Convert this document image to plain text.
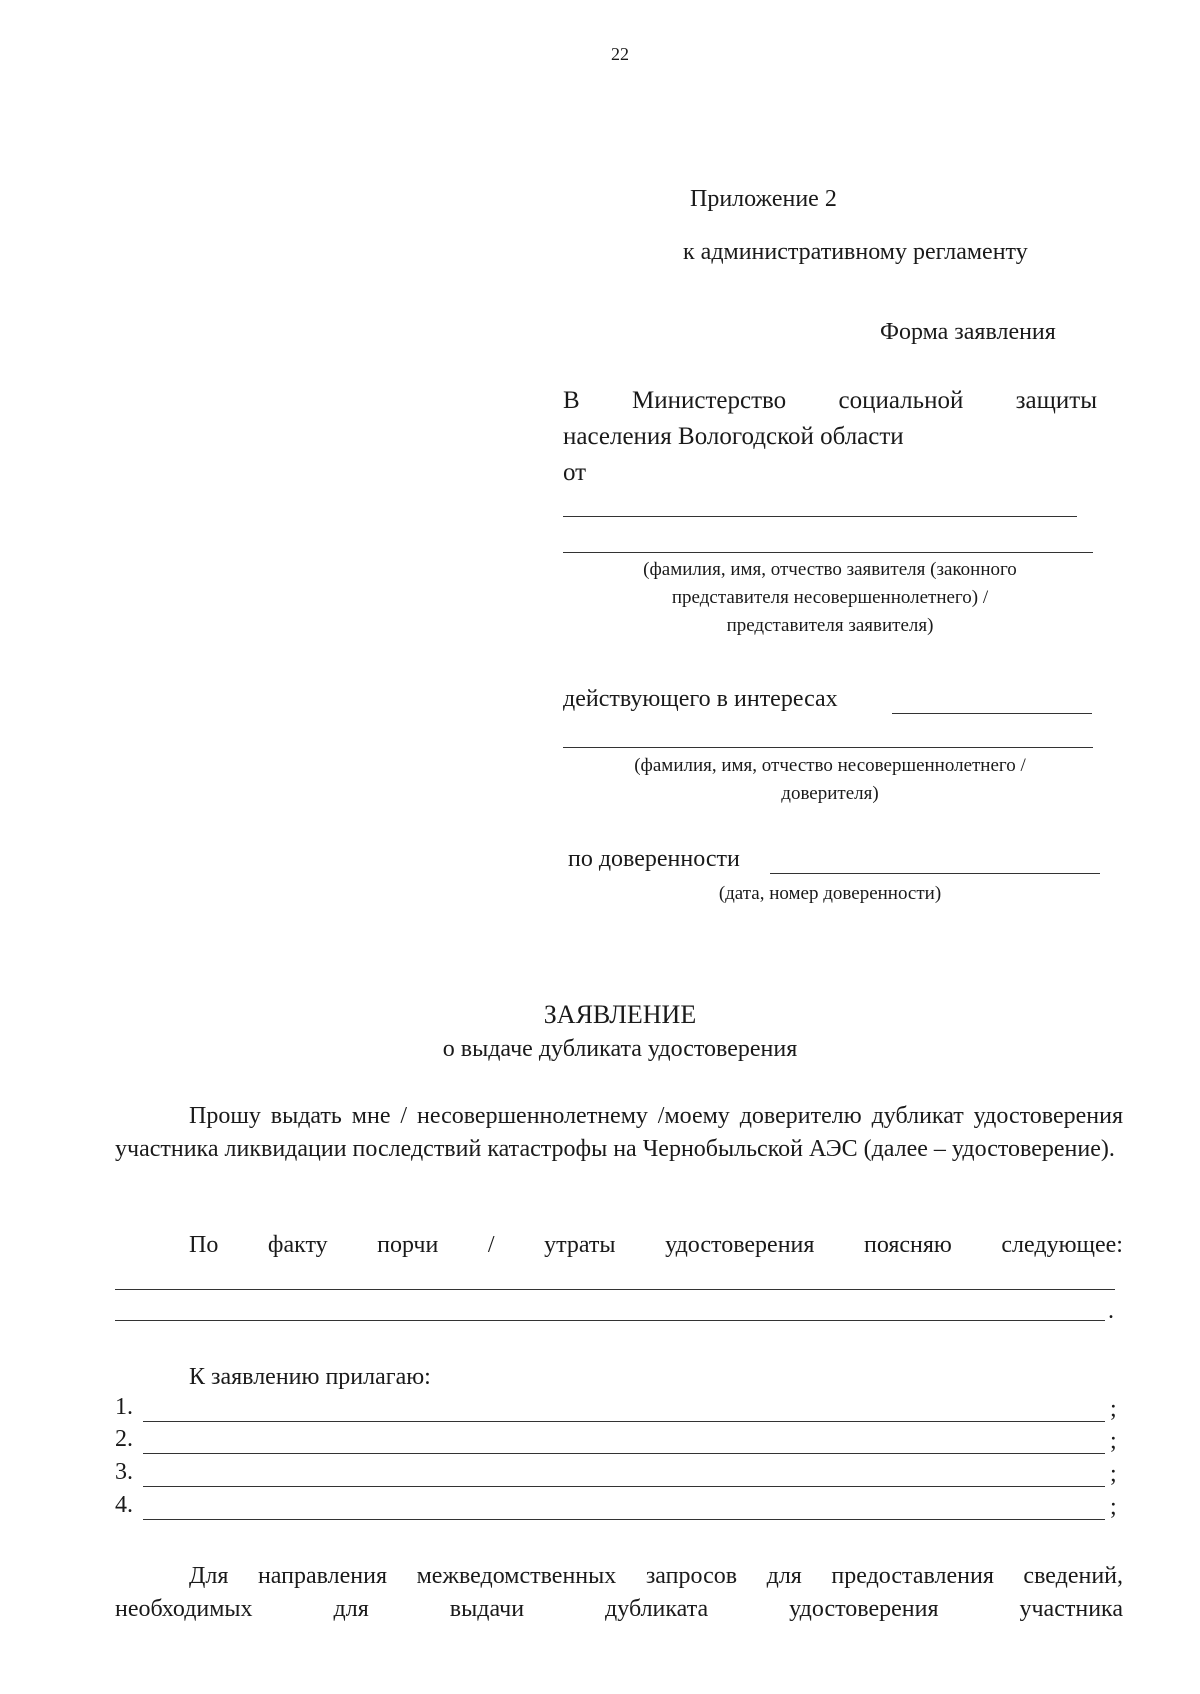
22
Приложение 2
к административному регламенту
Форма заявления
В Министерство социальной защиты
населения Вологодской области
от
(фамилия, имя, отчество заявителя (законного
представителя несовершеннолетнего) /
представителя заявителя)
действующего в интересах
(фамилия, имя, отчество несовершеннолетнего /
доверителя)
по доверенности
(дата, номер доверенности)
ЗАЯВЛЕНИЕ
о выдаче дубликата удостоверения
Прошу выдать мне / несовершеннолетнему /моему доверителю дубликат удостоверения участника ликвидации последствий катастрофы на Чернобыльской АЭС (далее – удостоверение).
По факту порчи / утраты удостоверения поясняю следующее:
.
К заявлению прилагаю:
1.	;
2.	;
3.	;
4.	;
Для направления межведомственных запросов для предоставления сведений, необходимых для выдачи дубликата удостоверения участника
